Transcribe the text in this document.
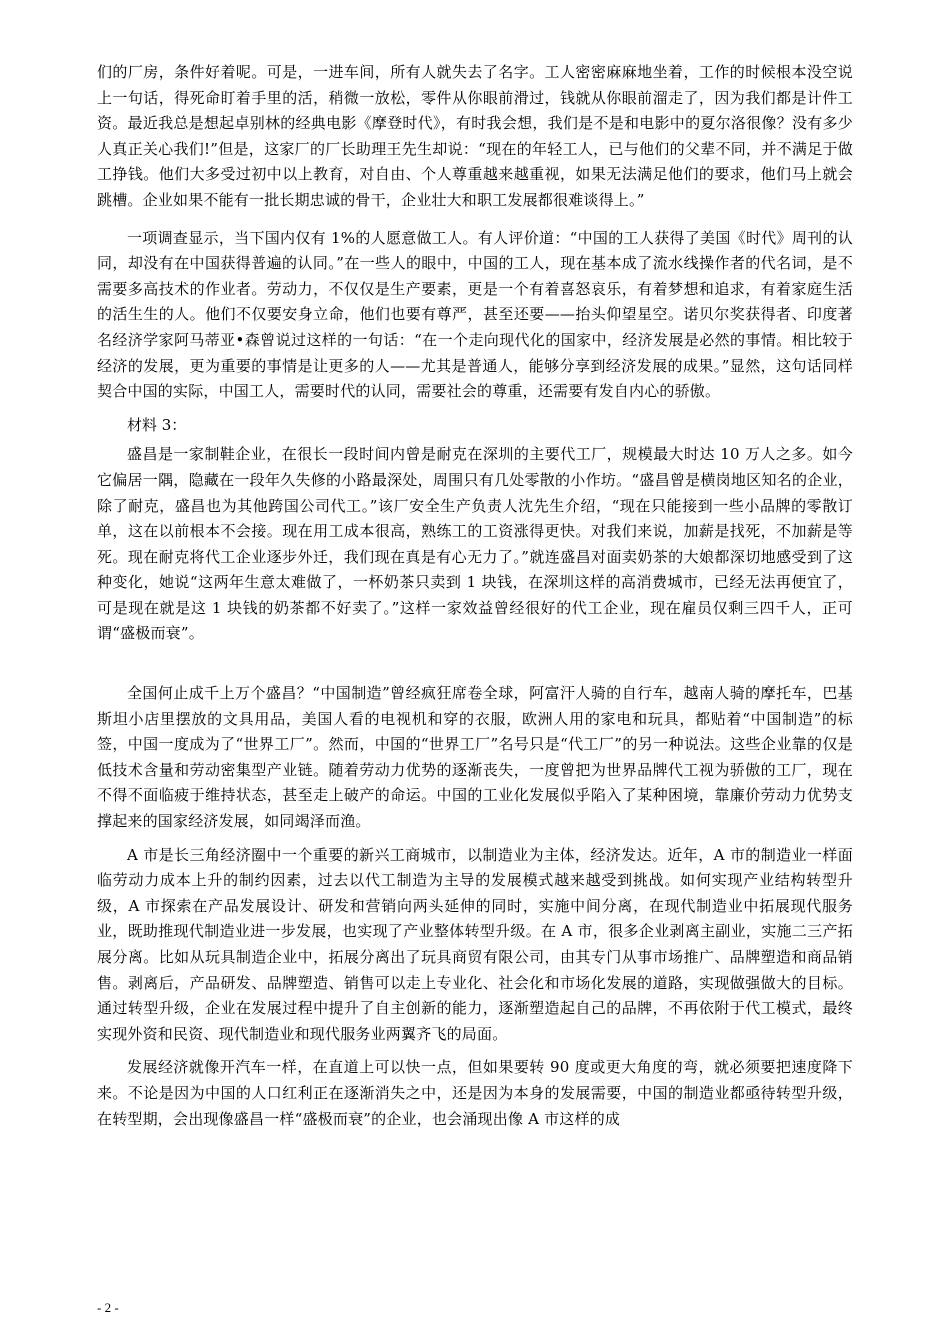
们的厂房，条件好着呢。可是，一进车间，所有人就失去了名字。工人密密麻麻地坐着，工作的时候根本没空说上一句话，得死命盯着手里的活，稍微一放松，零件从你眼前滑过，钱就从你眼前溜走了，因为我们都是计件工资。最近我总是想起卓别林的经典电影《摩登时代》，有时我会想，我们是不是和电影中的夏尔洛很像？没有多少人真正关心我们!”但是，这家厂的厂长助理王先生却说：“现在的年轻工人，已与他们的父辈不同，并不满足于做工挣钱。他们大多受过初中以上教育，对自由、个人尊重越来越重视，如果无法满足他们的要求，他们马上就会跳槽。企业如果不能有一批长期忠诚的骨干，企业壮大和职工发展都很难谈得上。”

一项调查显示，当下国内仅有 1%的人愿意做工人。有人评价道：“中国的工人获得了美国《时代》周刊的认同，却没有在中国获得普遍的认同。”在一些人的眼中，中国的工人，现在基本成了流水线操作者的代名词，是不需要多高技术的作业者。劳动力，不仅仅是生产要素，更是一个有着喜怒哀乐，有着梦想和追求，有着家庭生活的活生生的人。他们不仅要安身立命，他们也要有尊严，甚至还要——抬头仰望星空。诺贝尔奖获得者、印度著名经济学家阿马蒂亚•森曾说过这样的一句话：“在一个走向现代化的国家中，经济发展是必然的事情。相比较于经济的发展，更为重要的事情是让更多的人——尤其是普通人，能够分享到经济发展的成果。”显然，这句话同样契合中国的实际，中国工人，需要时代的认同，需要社会的尊重，还需要有发自内心的骄傲。

材料 3：

盛昌是一家制鞋企业，在很长一段时间内曾是耐克在深圳的主要代工厂，规模最大时达 10 万人之多。如今它偏居一隅，隐藏在一段年久失修的小路最深处，周围只有几处零散的小作坊。“盛昌曾是横岗地区知名的企业，除了耐克，盛昌也为其他跨国公司代工。”该厂安全生产负责人沈先生介绍，“现在只能接到一些小品牌的零散订单，这在以前根本不会接。现在用工成本很高，熟练工的工资涨得更快。对我们来说，加薪是找死，不加薪是等死。现在耐克将代工企业逐步外迁，我们现在真是有心无力了。”就连盛昌对面卖奶茶的大娘都深切地感受到了这种变化，她说“这两年生意太难做了，一杯奶茶只卖到 1 块钱，在深圳这样的高消费城市，已经无法再便宜了，可是现在就是这 1 块钱的奶茶都不好卖了。”这样一家效益曾经很好的代工企业，现在雇员仅剩三四千人，正可谓“盛极而衰”。

全国何止成千上万个盛昌？“中国制造”曾经疯狂席卷全球，阿富汗人骑的自行车，越南人骑的摩托车，巴基斯坦小店里摆放的文具用品，美国人看的电视机和穿的衣服，欧洲人用的家电和玩具，都贴着“中国制造”的标签，中国一度成为了“世界工厂”。然而，中国的“世界工厂”名号只是“代工厂”的另一种说法。这些企业靠的仅是低技术含量和劳动密集型产业链。随着劳动力优势的逐渐丧失，一度曾把为世界品牌代工视为骄傲的工厂，现在不得不面临疲于维持状态，甚至走上破产的命运。中国的工业化发展似乎陷入了某种困境，靠廉价劳动力优势支撑起来的国家经济发展，如同竭泽而渔。

A 市是长三角经济圈中一个重要的新兴工商城市，以制造业为主体，经济发达。近年，A 市的制造业一样面临劳动力成本上升的制约因素，过去以代工制造为主导的发展模式越来越受到挑战。如何实现产业结构转型升级，A 市探索在产品发展设计、研发和营销向两头延伸的同时，实施中间分离，在现代制造业中拓展现代服务业，既助推现代制造业进一步发展，也实现了产业整体转型升级。在 A 市，很多企业剥离主副业，实施二三产拓展分离。比如从玩具制造企业中，拓展分离出了玩具商贸有限公司，由其专门从事市场推广、品牌塑造和商品销售。剥离后，产品研发、品牌塑造、销售可以走上专业化、社会化和市场化发展的道路，实现做强做大的目标。通过转型升级，企业在发展过程中提升了自主创新的能力，逐渐塑造起自己的品牌，不再依附于代工模式，最终实现外资和民资、现代制造业和现代服务业两翼齐飞的局面。

发展经济就像开汽车一样，在直道上可以快一点，但如果要转 90 度或更大角度的弯，就必须要把速度降下来。不论是因为中国的人口红利正在逐渐消失之中，还是因为本身的发展需要，中国的制造业都亟待转型升级，在转型期，会出现像盛昌一样“盛极而衰”的企业，也会涌现出像 A 市这样的成

- 2 -
